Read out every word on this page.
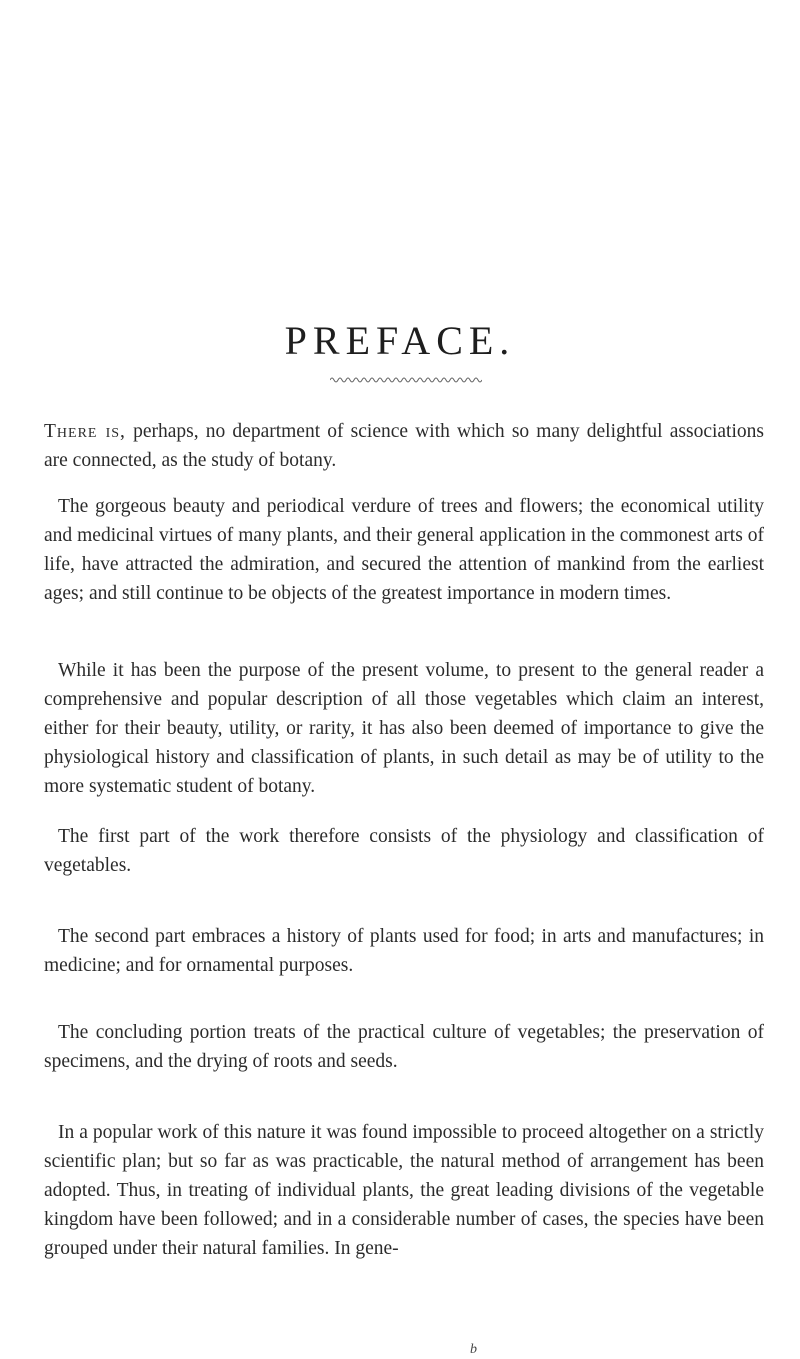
PREFACE.

There is, perhaps, no department of science with which so many delightful associations are connected, as the study of botany.

The gorgeous beauty and periodical verdure of trees and flowers; the economical utility and medicinal virtues of many plants, and their general application in the commonest arts of life, have attracted the admiration, and secured the attention of mankind from the earliest ages; and still continue to be objects of the greatest importance in modern times.

While it has been the purpose of the present volume, to present to the general reader a comprehensive and popular description of all those vegetables which claim an interest, either for their beauty, utility, or rarity, it has also been deemed of importance to give the physiological history and classification of plants, in such detail as may be of utility to the more systematic student of botany.

The first part of the work therefore consists of the physiology and classification of vegetables.

The second part embraces a history of plants used for food; in arts and manufactures; in medicine; and for ornamental purposes.

The concluding portion treats of the practical culture of vegetables; the preservation of specimens, and the drying of roots and seeds.

In a popular work of this nature it was found impossible to proceed altogether on a strictly scientific plan; but so far as was practicable, the natural method of arrangement has been adopted. Thus, in treating of individual plants, the great leading divisions of the vegetable kingdom have been followed; and in a considerable number of cases, the species have been grouped under their natural families. In gene-

b
